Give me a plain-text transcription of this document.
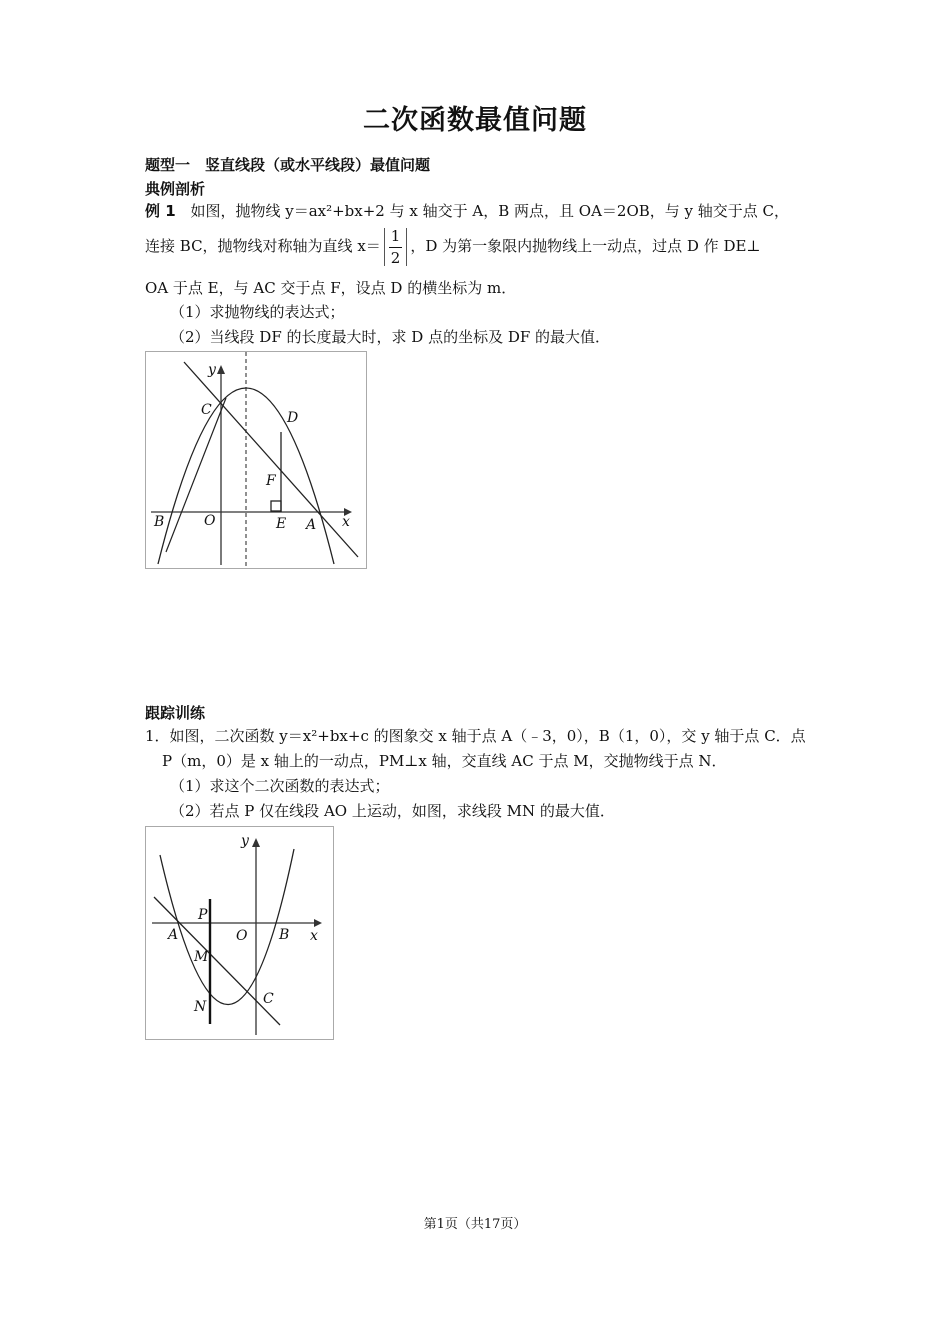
二次函数最值问题
题型一　竖直线段（或水平线段）最值问题
典例剖析
例 1 如图，抛物线 y＝ax²+bx+2 与 x 轴交于 A，B 两点，且 OA＝2OB，与 y 轴交于点 C，
连接 BC，抛物线对称轴为直线 $x= \frac{1}{2}$ ，D 为第一象限内抛物线上一动点，过点 D 作 DE⊥
OA 于点 E，与 AC 交于点 F，设点 D 的横坐标为 m．
（1）求抛物线的表达式；
（2）当线段 DF 的长度最大时，求 D 点的坐标及 DF 的最大值．
y
x
C	D
F
B	O	E A
跟踪训练
1．如图，二次函数 y＝x²+bx+c 的图象交 x 轴于点 A（﹣3，0），B（1，0），交 y 轴于点 C．点
P（m，0）是 x 轴上的一动点，PM⊥x 轴，交直线 AC 于点 M，交抛物线于点 N．
（1）求这个二次函数的表达式；
（2）若点 P 仅在线段 AO 上运动，如图，求线段 MN 的最大值．
y
x
P
A	O B
M
N	C
第1页（共17页）
